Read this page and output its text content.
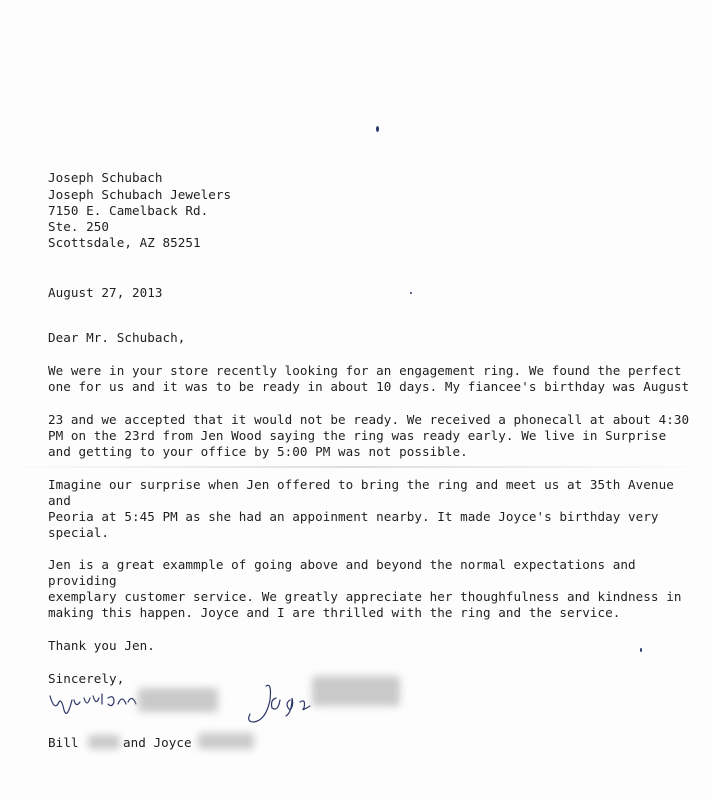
Joseph Schubach
Joseph Schubach Jewelers
7150 E. Camelback Rd.
Ste. 250
Scottsdale, AZ 85251
August 27, 2013
Dear Mr. Schubach,
We were in your store recently looking for an engagement ring. We found the perfect
one for us and it was to be ready in about 10 days. My fiancee's birthday was August
23 and we accepted that it would not be ready. We received a phonecall at about 4:30
PM on the 23rd from Jen Wood saying the ring was ready early. We live in Surprise
and getting to your office by 5:00 PM was not possible.
Imagine our surprise when Jen offered to bring the ring and meet us at 35th Avenue
and
Peoria at 5:45 PM as she had an appoinment nearby. It made Joyce's birthday very
special.
Jen is a great exammple of going above and beyond the normal expectations and
providing
exemplary customer service. We greatly appreciate her thoughfulness and kindness in
making this happen. Joyce and I are thrilled with the ring and the service.
Thank you Jen.
Sincerely,
Bill	and Joyce
